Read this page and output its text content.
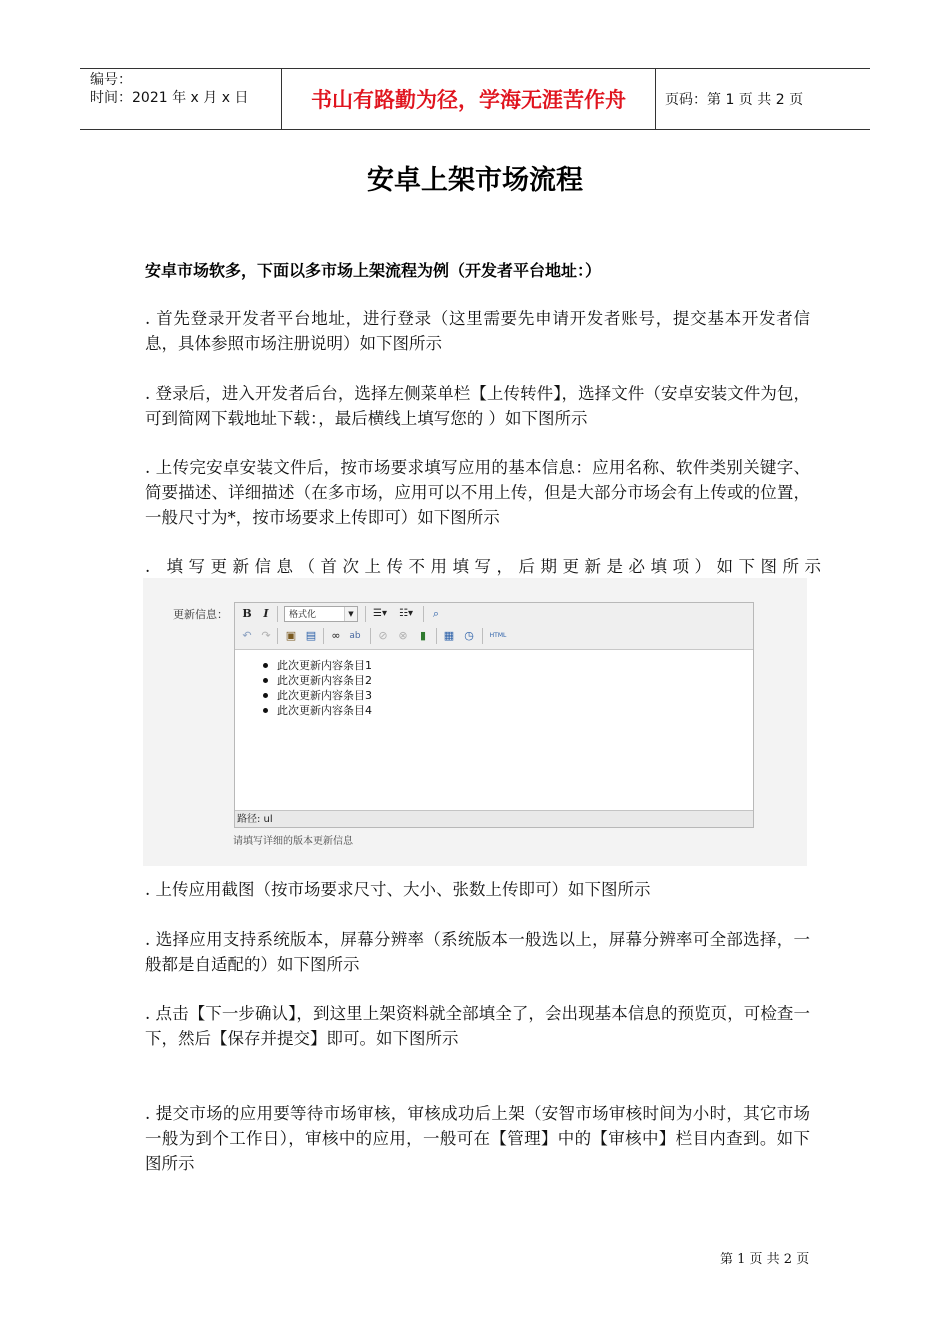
编号：
时间：2021 年 x 月 x 日	书山有路勤为径，学海无涯苦作舟	页码：第 1 页 共 2 页
安卓上架市场流程
安卓市场软多，下面以多市场上架流程为例（开发者平台地址：）
. 首先登录开发者平台地址，进行登录（这里需要先申请开发者账号，提交基本开发者信息，具体参照市场注册说明）如下图所示
. 登录后，进入开发者后台，选择左侧菜单栏【上传转件】，选择文件（安卓安装文件为包，可到简网下载地址下载：，最后横线上填写您的 ）如下图所示
. 上传完安卓安装文件后，按市场要求填写应用的基本信息：应用名称、软件类别关键字、简要描述、详细描述（在多市场，应用可以不用上传，但是大部分市场会有上传或的位置，一般尺寸为*，按市场要求上传即可）如下图所示
. 填写更新信息（首次上传不用填写，后期更新是必填项）如下图所示
更新信息： B	I	格式化	▼	☰▾	☷▾	⌕
↶ ↷ ▣ ▤ ∞ ab ⊘ ⊗	▮	▦ ◷	HTML
此次更新内容条目1
此次更新内容条目2
此次更新内容条目3
此次更新内容条目4
路径: ul
请填写详细的版本更新信息
. 上传应用截图（按市场要求尺寸、大小、张数上传即可）如下图所示
. 选择应用支持系统版本，屏幕分辨率（系统版本一般选以上，屏幕分辨率可全部选择，一般都是自适配的）如下图所示
. 点击【下一步确认】，到这里上架资料就全部填全了，会出现基本信息的预览页，可检查一下，然后【保存并提交】即可。如下图所示
. 提交市场的应用要等待市场审核，审核成功后上架（安智市场审核时间为小时，其它市场一般为到个工作日），审核中的应用，一般可在【管理】中的【审核中】栏目内查到。如下图所示
第 1 页 共 2 页
